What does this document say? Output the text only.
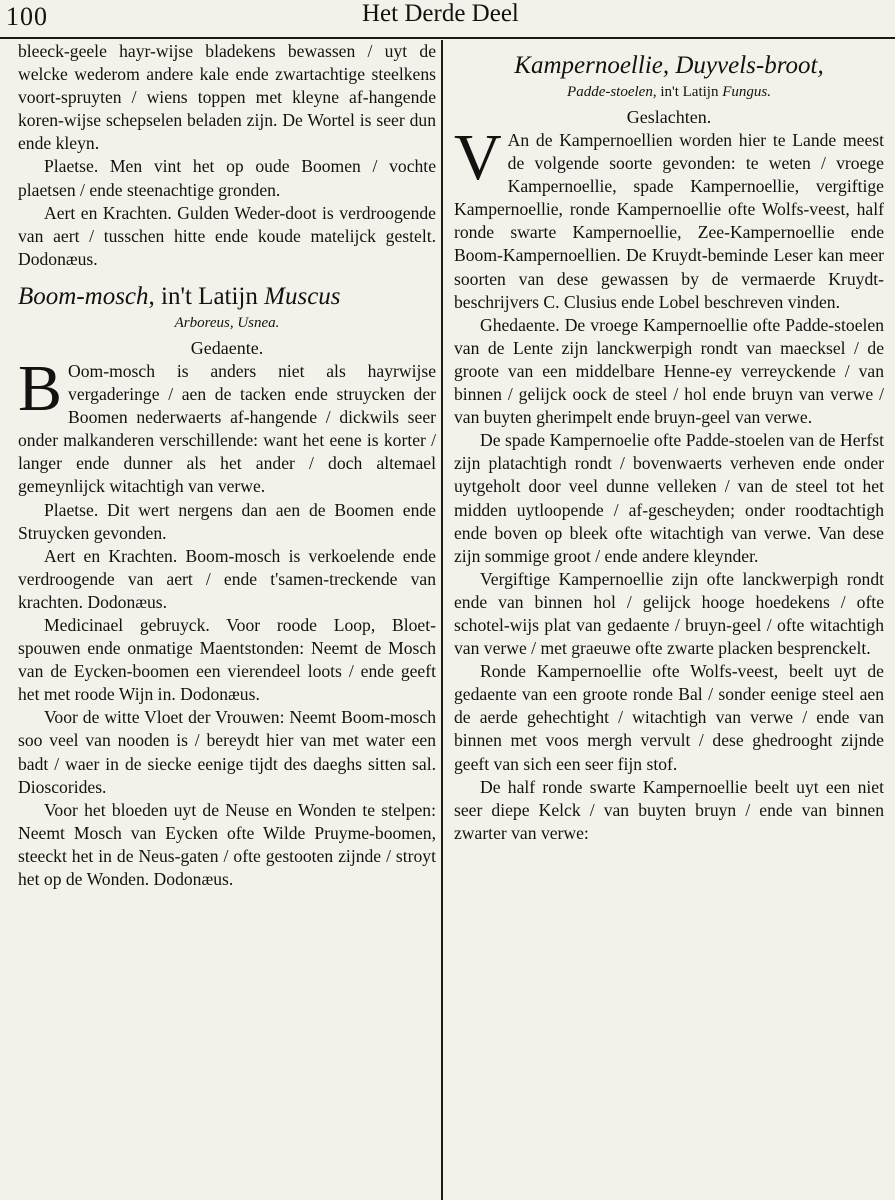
100	Het Derde Deel

bleeck-geele hayr-wijse bladekens bewassen / uyt de welcke wederom andere kale ende zwartachtige steelkens voort-spruyten / wiens toppen met kleyne af-hangende koren-wijse schepselen beladen zijn. De Wortel is seer dun ende kleyn.

Plaetse. Men vint het op oude Boomen / vochte plaetsen / ende steenachtige gronden.

Aert en Krachten. Gulden Weder-doot is verdroogende van aert / tusschen hitte ende koude matelijck gestelt. Dodonæus.

Boom-mosch, in't Latijn Muscus

Arboreus, Usnea.

Gedaente.

B Oom-mosch is anders niet als hayrwijse vergaderinge / aen de tacken ende struycken der Boomen nederwaerts af-hangende / dickwils seer onder malkanderen verschillende: want het eene is korter / langer ende dunner als het ander / doch altemael gemeynlijck witachtigh van verwe.

Plaetse. Dit wert nergens dan aen de Boomen ende Struycken gevonden.

Aert en Krachten. Boom-mosch is verkoelende ende verdroogende van aert / ende t'samen-treckende van krachten. Dodonæus.

Medicinael gebruyck. Voor roode Loop, Bloet-spouwen ende onmatige Maentstonden: Neemt de Mosch van de Eycken-boomen een vierendeel loots / ende geeft het met roode Wijn in. Dodonæus.

Voor de witte Vloet der Vrouwen: Neemt Boom-mosch soo veel van nooden is / bereydt hier van met water een badt / waer in de siecke eenige tijdt des daeghs sitten sal. Dioscorides.

Voor het bloeden uyt de Neuse en Wonden te stelpen: Neemt Mosch van Eycken ofte Wilde Pruyme-boomen, steeckt het in de Neus-gaten / ofte gestooten zijnde / stroyt het op de Wonden. Dodonæus.

Kampernoellie, Duyvels-broot,

Padde-stoelen, in't Latijn Fungus.

Geslachten.

V An de Kampernoellien worden hier te Lande meest de volgende soorte gevonden: te weten / vroege Kampernoellie, spade Kampernoellie, vergiftige Kampernoellie, ronde Kampernoellie ofte Wolfs-veest, half ronde swarte Kampernoellie, Zee-Kampernoellie ende Boom-Kampernoellien. De Kruydt-beminde Leser kan meer soorten van dese gewassen by de vermaerde Kruydt-beschrijvers C. Clusius ende Lobel beschreven vinden.

Ghedaente. De vroege Kampernoellie ofte Padde-stoelen van de Lente zijn lanckwerpigh rondt van maecksel / de groote van een middelbare Henne-ey verreyckende / van binnen / gelijck oock de steel / hol ende bruyn van verwe / van buyten gherimpelt ende bruyn-geel van verwe.

De spade Kampernoelie ofte Padde-stoelen van de Herfst zijn platachtigh rondt / bovenwaerts verheven ende onder uytgeholt door veel dunne velleken / van de steel tot het midden uytloopende / af-gescheyden; onder roodtachtigh ende boven op bleek ofte witachtigh van verwe. Van dese zijn sommige groot / ende andere kleynder.

Vergiftige Kampernoellie zijn ofte lanckwerpigh rondt ende van binnen hol / gelijck hooge hoedekens / ofte schotel-wijs plat van gedaente / bruyn-geel / ofte witachtigh van verwe / met graeuwe ofte zwarte placken besprenckelt.

Ronde Kampernoellie ofte Wolfs-veest, beelt uyt de gedaente van een groote ronde Bal / sonder eenige steel aen de aerde gehechtight / witachtigh van verwe / ende van binnen met voos mergh vervult / dese ghedrooght zijnde geeft van sich een seer fijn stof.

De half ronde swarte Kampernoellie beelt uyt een niet seer diepe Kelck / van buyten bruyn / ende van binnen zwarter van verwe:
